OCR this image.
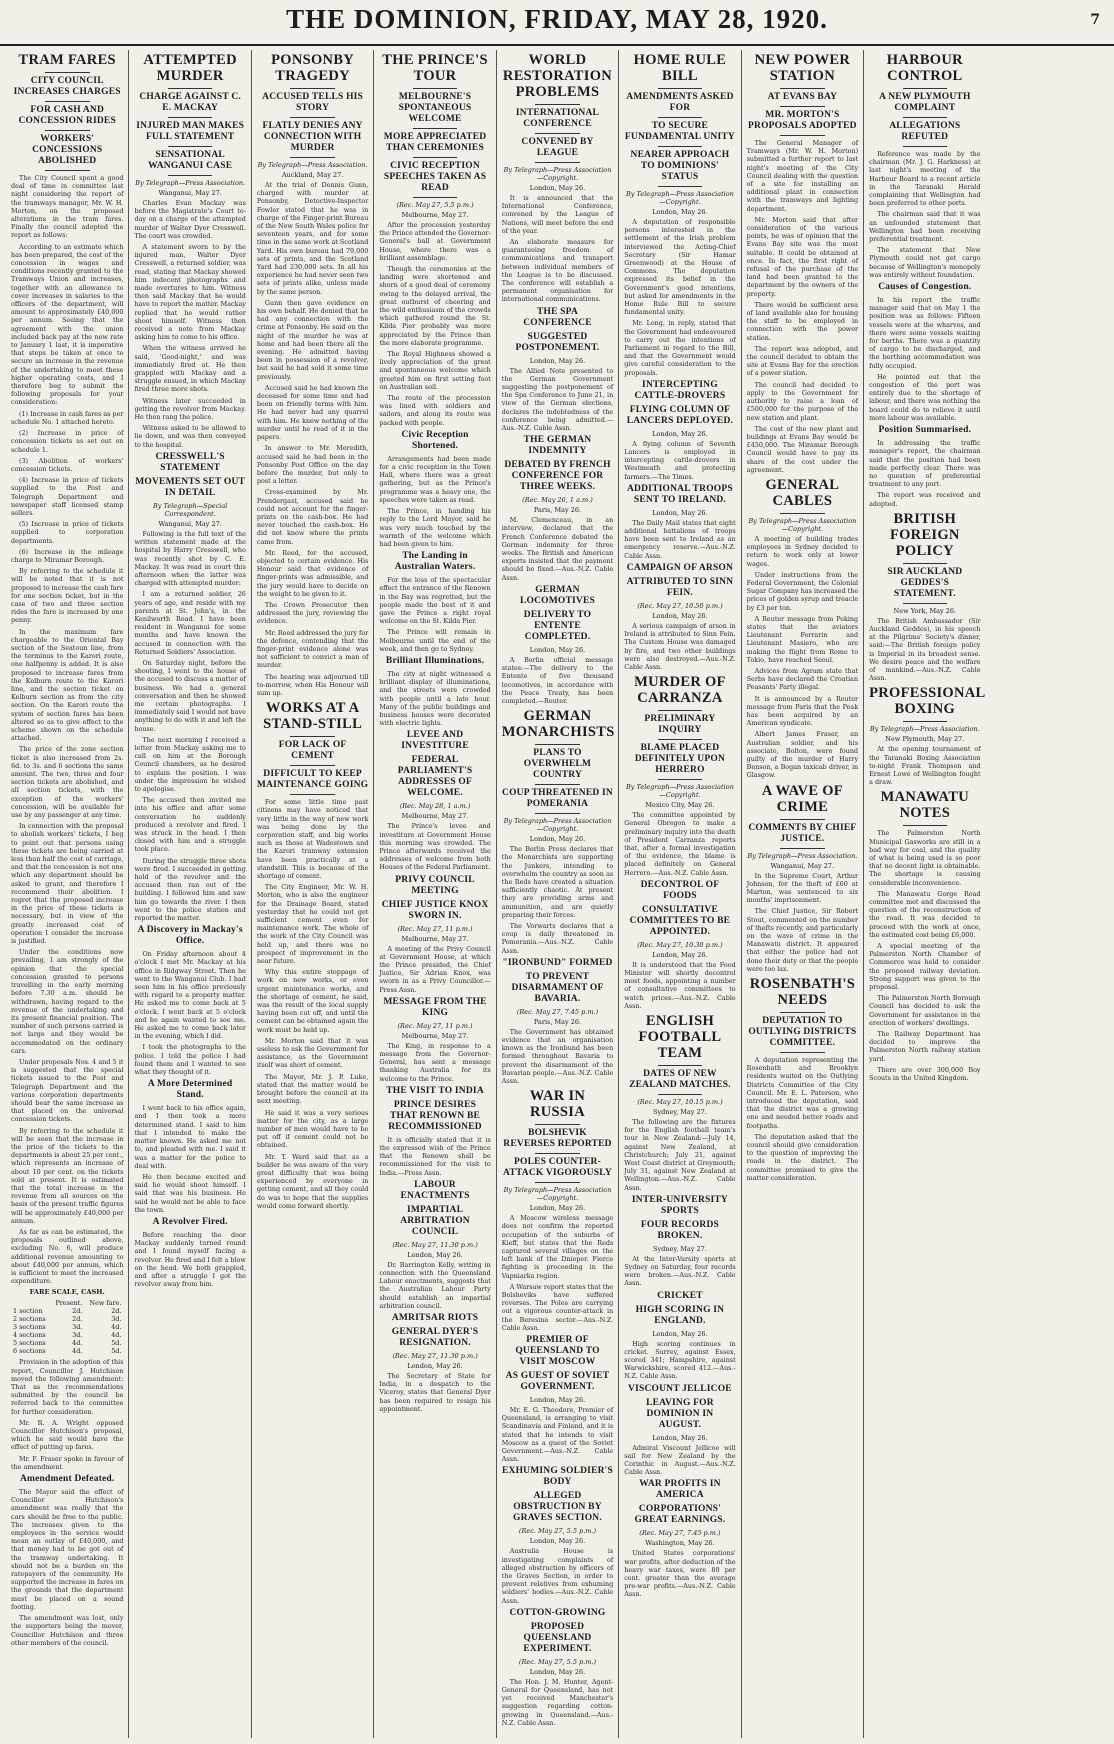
THE DOMINION, FRIDAY, MAY 28, 1920.	7
TRAM FARES
CITY COUNCIL INCREASES CHARGES
FOR CASH AND CONCESSION RIDES
WORKERS' CONCESSIONS ABOLISHED

The City Council spent a good deal of time in committee last night considering the report of the tramways manager, Mr. W. H. Morton, on the proposed alterations in the tram fares. Finally the council adopted the report as follows:

According to an estimate which has been prepared, the cost of the concession in wages and conditions recently granted to the Tramways Union and increases, together with an allowance to cover increases in salaries to the officers of the department, will amount to approximately £40,000 per annum. Seeing that the agreement with the union included back pay at the new rate to January 1 last, it is imperative that steps be taken at once to secure an increase in the revenue of the undertaking to meet these higher operating costs, and I therefore beg to submit the following proposals for your consideration:

(1) Increase in cash fares as per schedule No. 1 attached hereto.

(2) Increase in price of concession tickets as set out on schedule 1.

(3) Abolition of workers' concession tickets.

(4) Increase in price of tickets supplied to the Post and Telegraph Department and newspaper staff licensed stamp sellers.

(5) Increase in price of tickets supplied to corporation departments.

(6) Increase in the mileage charge to Miramar Borough.

By referring to the schedule it will be noted that it is not proposed to increase the cash fare for one section ticket, but in the case of two and three section rides the fare is increased by one penny.

In the maximum fare chargeable to the Oriental Bay section of the Seatoun line, from the terminus to the Karori route, one halfpenny is added. It is also proposed to increase fares from the Kelburn route to the Karori line, and the section ticket on Kelburn section as from the city section. On the Karori route the system of section fares has been altered so as to give effect to the scheme shown on the schedule attached.

The price of the zone section ticket is also increased from 2s. 6d. to 3s. and 6 sections the same amount. The two, three and four section tickets are abolished, and all section tickets, with the exception of the workers' concession, will be available for use by any passenger at any time.

In connection with the proposal to abolish workers' tickets, I beg to point out that persons using these tickets are being carried at less than half the cost of carriage, and that the concession is not one which any department should be asked to grant, and therefore I recommend their abolition. I regret that the proposed increase in the price of these tickets is necessary, but in view of the greatly increased cost of operation I consider the increase is justified.

Under the conditions now prevailing, I am strongly of the opinion that the special concession granted to persons travelling in the early morning before 7.30 a.m. should be withdrawn, having regard to the revenue of the undertaking and its present financial position. The number of such persons carried is not large and they would be accommodated on the ordinary cars.

Under proposals Nos. 4 and 5 it is suggested that the special tickets issued to the Post and Telegraph Department and the various corporation departments should bear the same increase as that placed on the universal concession tickets.

By referring to the schedule it will be seen that the increase in the price of the tickets to the departments is about 25 per cent., which represents an increase of about 10 per cent. on the tickets sold at present. It is estimated that the total increase in the revenue from all sources on the basis of the present traffic figures will be approximately £40,000 per annum.

As far as can be estimated, the proposals outlined above, excluding No. 6, will produce additional revenue amounting to about £40,000 per annum, which is sufficient to meet the increased expenditure.

FARE SCALE, CASH.
	Present.	New fare.
1 section	2d.	2d.
2 sections	2d.	3d.
3 sections	3d.	4d.
4 sections	3d.	4d.
5 sections	4d.	5d.
6 sections	4d.	5d.

Provision in the adoption of this report, Councillor J. Hutchison moved the following amendment: That as the recommendations submitted by the council be referred back to the committee for further consideration.

Mr. R. A. Wright opposed Councillor Hutchison's proposal, which he said would have the effect of putting up fares.

Mr. F. Fraser spoke in favour of the amendment.

Amendment Defeated.

The Mayor said the effect of Councillor Hutchison's amendment was really that the cars should be free to the public. The increases given to the employees in the service would mean an outlay of £40,000, and that money had to be got out of the tramway undertaking. It should not be a burden on the ratepayers of the community. He supported the increase in fares on the grounds that the department must be placed on a sound footing.

The amendment was lost, only the supporters being the mover, Councillor Hutchison and three other members of the council.

ATTEMPTED MURDER
CHARGE AGAINST C. E. MACKAY
INJURED MAN MAKES FULL STATEMENT
SENSATIONAL WANGANUI CASE
By Telegraph—Press Association.
Wanganui, May 27.

Charles Evan Mackay was before the Magistrate's Court to-day on a charge of the attempted murder of Walter Dyer Cresswell. The court was crowded.

A statement sworn to by the injured man, Walter Dyer Cresswell, a returned soldier, was read, stating that Mackay showed him indecent photographs and made overtures to him. Witness then said Mackay that he would have to report the matter. Mackay replied that he would rather shoot himself. Witness then received a note from Mackay asking him to come to his office.

When the witness arrived he said, 'Good-night,' and was immediately fired at. He then grappled with Mackay and a struggle ensued, in which Mackay fired three more shots.

Witness later succeeded in getting the revolver from Mackay. He then rang the police.

Witness asked to be allowed to lie down, and was then conveyed to the hospital.

CRESSWELL'S STATEMENT
MOVEMENTS SET OUT IN DETAIL
By Telegraph—Special Correspondent.
Wanganui, May 27.

Following is the full text of the written statement made at the hospital by Harry Cresswell, who was recently shot by C. E. Mackay. It was read in court this afternoon when the latter was charged with attempted murder:

I am a returned soldier, 26 years of age, and reside with my parents at St. John's, in the Kenilworth Road. I have been resident in Wanganui for some months and have known the accused in connection with the Returned Soldiers' Association.

On Saturday night, before the shooting, I went to the house of the accused to discuss a matter of business. We had a general conversation and then he showed me certain photographs. I immediately said I would not have anything to do with it and left the house.

The next morning I received a letter from Mackay asking me to call on him at the Borough Council chambers, as he desired to explain the position. I was under the impression he wished to apologise.

The accused then invited me into his office and after some conversation he suddenly produced a revolver and fired. I was struck in the head. I then closed with him and a struggle took place.

During the struggle three shots were fired. I succeeded in getting hold of the revolver and the accused then ran out of the building. I followed him and saw him go towards the river. I then went to the police station and reported the matter.

A Discovery in Mackay's Office.

On Friday afternoon about 4 o'clock I met Mr. Mackay at his office in Ridgway Street. Then he went to the Wanganui Club. I had seen him in his office previously with regard to a property matter. He asked me to come back at 5 o'clock. I went back at 5 o'clock and he again wanted to see me. He asked me to come back later in the evening, which I did.

I took the photographs to the police. I told the police I had found them and I wanted to see what they thought of it.

A More Determined Stand.

I went back to his office again, and I then took a more determined stand. I said to him that I intended to make the matter known. He asked me not to, and pleaded with me. I said it was a matter for the police to deal with.

He then became excited and said he would shoot himself. I said that was his business. He said he would not be able to face the town.

A Revolver Fired.

Before reaching the door Mackay suddenly turned round and I found myself facing a revolver. He fired and I felt a blow on the head. We both grappled, and after a struggle I got the revolver away from him.

PONSONBY TRAGEDY
ACCUSED TELLS HIS STORY
FLATLY DENIES ANY CONNECTION WITH MURDER
By Telegraph—Press Association.
Auckland, May 27.

At the trial of Dennis Gunn, charged with murder at Ponsonby, Detective-Inspector Fowler stated that he was in charge of the Finger-print Bureau of the New South Wales police for seventeen years, and for some time in the same work at Scotland Yard. His own bureau had 79,000 sets of prints, and the Scotland Yard had 230,000 sets. In all his experience he had never seen two sets of prints alike, unless made by the same person.

Gunn then gave evidence on his own behalf. He denied that he had any connection with the crime at Ponsonby. He said on the night of the murder he was at home and had been there all the evening. He admitted having been in possession of a revolver, but said he had sold it some time previously.

Accused said he had known the deceased for some time and had been on friendly terms with him. He had never had any quarrel with him. He knew nothing of the murder until he read of it in the papers.

In answer to Mr. Meredith, accused said he had been in the Ponsonby Post Office on the day before the murder, but only to post a letter.

Cross-examined by Mr. Prendergast, accused said he could not account for the finger-prints on the cash-box. He had never touched the cash-box. He did not know where the prints came from.

Mr. Reed, for the accused, objected to certain evidence. His Honour said that evidence of finger-prints was admissible, and the jury would have to decide on the weight to be given to it.

The Crown Prosecutor then addressed the jury, reviewing the evidence.

Mr. Reed addressed the jury for the defence, contending that the finger-print evidence alone was not sufficient to convict a man of murder.

The hearing was adjourned till to-morrow, when His Honour will sum up.

WORKS AT A STAND-STILL
FOR LACK OF CEMENT
DIFFICULT TO KEEP MAINTENANCE GOING

For some little time past citizens may have noticed that very little in the way of new work was being done by the corporation staff, and big works such as those at Wadestown and the Karori tramway extension have been practically at a standstill. This is because of the shortage of cement.

The City Engineer, Mr. W. H. Morton, who is also the engineer for the Drainage Board, stated yesterday that he could not get sufficient cement even for maintenance work. The whole of the work of the City Council was held up, and there was no prospect of improvement in the near future.

Why this entire stoppage of work on new works, or even urgent maintenance works, and the shortage of cement, he said, was the result of the local supply having been cut off, and until the cement can be obtained again the work must be held up.

Mr. Morton said that it was useless to ask the Government for assistance, as the Government itself was short of cement.

The Mayor, Mr. J. P. Luke, stated that the matter would be brought before the council at its next meeting.

He said it was a very serious matter for the city, as a large number of men would have to be put off if cement could not be obtained.

Mr. T. Ward said that as a builder he was aware of the very great difficulty that was being experienced by everyone in getting cement, and all they could do was to hope that the supplies would come forward shortly.

THE PRINCE'S TOUR
MELBOURNE'S SPONTANEOUS WELCOME
MORE APPRECIATED THAN CEREMONIES
CIVIC RECEPTION SPEECHES TAKEN AS READ
(Rec. May 27, 5.5 p.m.)
Melbourne, May 27.

After the procession yesterday the Prince attended the Governor-General's ball at Government House, where there was a brilliant assemblage.

Though the ceremonies at the landing were shortened and shorn of a good deal of ceremony owing to the delayed arrival, the great outburst of cheering and the wild enthusiasm of the crowds which gathered round the St. Kilda Pier probably was more appreciated by the Prince than the more elaborate programme.

The Royal Highness showed a lively appreciation of the great and spontaneous welcome which greeted him on first setting foot on Australian soil.

The route of the procession was lined with soldiers and sailors, and along its route was packed with people.

Civic Reception Shortened.

Arrangements had been made for a civic reception in the Town Hall, where there was a great gathering, but as the Prince's programme was a heavy one, the speeches were taken as read.

The Prince, in handing his reply to the Lord Mayor, said he was very much touched by the warmth of the welcome which had been given to him.

The Landing in Australian Waters.

For the loss of the spectacular effect the entrance of the Renown in the Bay was regretted, but the people made the best of it and gave the Prince a right royal welcome on the St. Kilda Pier.

The Prince will remain in Melbourne until the end of the week, and then go to Sydney.

Brilliant Illuminations.

The city at night witnessed a brilliant display of illuminations, and the streets were crowded with people until a late hour. Many of the public buildings and business houses were decorated with electric lights.

LEVEE AND INVESTITURE
FEDERAL PARLIAMENT'S ADDRESSES OF WELCOME.
(Rec. May 28, 1 a.m.)
Melbourne, May 27.

The Prince's levee and investiture at Government House this morning was crowded. The Prince afterwards received the addresses of welcome from both Houses of the Federal Parliament.

PRIVY COUNCIL MEETING
CHIEF JUSTICE KNOX SWORN IN.
(Rec. May 27, 11 p.m.)
Melbourne, May 27.

A meeting of the Privy Council at Government House, at which the Prince presided, the Chief Justice, Sir Adrian Knox, was sworn in as a Privy Councillor.—Press Assn.

MESSAGE FROM THE KING
(Rec. May 27, 11 p.m.)
Melbourne, May 27.

The King, in response to a message from the Governor-General, has sent a message thanking Australia for its welcome to the Prince.

THE VISIT TO INDIA
PRINCE DESIRES THAT RENOWN BE RECOMMISSIONED

It is officially stated that it is the expressed wish of the Prince that the Renown shall be recommissioned for the visit to India.—Press Assn.

LABOUR ENACTMENTS
IMPARTIAL ARBITRATION COUNCIL
(Rec. May 27, 11.30 p.m.)
London, May 26.

Dr. Barrington Kelly, writing in connection with the Queensland Labour enactments, suggests that the Australian Labour Party should establish an impartial arbitration council.

AMRITSAR RIOTS
GENERAL DYER'S RESIGNATION.
(Rec. May 27, 11.30 p.m.)
London, May 26.

The Secretary of State for India, in a despatch to the Viceroy, states that General Dyer has been required to resign his appointment.

WORLD RESTORATION PROBLEMS
INTERNATIONAL CONFERENCE
CONVENED BY LEAGUE
By Telegraph—Press Association—Copyright.
London, May 26.

It is announced that the International Conference, convened by the League of Nations, will meet before the end of the year.

An elaborate measure for guaranteeing freedom of communications and transport between individual members of the League is to be discussed. The conference will establish a permanent organisation for international communications.

THE SPA CONFERENCE
SUGGESTED POSTPONEMENT.
London, May 26.

The Allied Note presented to the German Government suggesting the postponement of the Spa Conference to June 21, in view of the German elections, declares the indebtedness of the conference being admitted.—Aus.-N.Z. Cable Assn.

THE GERMAN INDEMNITY
DEBATED BY FRENCH CONFERENCE FOR THREE WEEKS.
(Rec. May 26, 1 a.m.)
Paris, May 26.

M. Clemenceau, in an interview, declared that the French Conference debated the German indemnity for three weeks. The British and American experts insisted that the payment should be fixed.—Aus.-N.Z. Cable Assn.

GERMAN LOCOMOTIVES
DELIVERY TO ENTENTE COMPLETED.
London, May 26.

A Berlin official message states:—The delivery to the Entente of five thousand locomotives, in accordance with the Peace Treaty, has been completed.—Reuter.

GERMAN MONARCHISTS
PLANS TO OVERWHELM COUNTRY
COUP THREATENED IN POMERANIA
By Telegraph—Press Association—Copyright.
London, May 26.

The Berlin Press declares that the Monarchists are supporting the Junkers, intending to overwhelm the country as soon as the Reds have created a situation sufficiently chaotic. At present they are providing arms and ammunition, and are quietly preparing their forces.

The Vorwarts declares that a coup is daily threatened in Pomerania.—Aus.-N.Z. Cable Assn.

"IRONBUND" FORMED
TO PREVENT DISARMAMENT OF BAVARIA.
(Rec. May 27, 7.45 p.m.)
Paris, May 26.

The Government has obtained evidence that an organisation known as the Ironbund has been formed throughout Bavaria to prevent the disarmament of the Bavarian people.—Aus.-N.Z. Cable Assn.

WAR IN RUSSIA
BOLSHEVIK REVERSES REPORTED
POLES COUNTER-ATTACK VIGOROUSLY
By Telegraph—Press Association—Copyright.
London, May 26.

A Moscow wireless message does not confirm the reported occupation of the suburbs of Kieff, but states that the Reds captured several villages on the left bank of the Dnieper. Fierce fighting is proceeding in the Vapniarka region.

A Warsaw report states that the Bolsheviks have suffered reverses. The Poles are carrying out a vigorous counter-attack in the Beresina sector.—Aus.-N.Z. Cable Assn.

PREMIER OF QUEENSLAND TO VISIT MOSCOW
AS GUEST OF SOVIET GOVERNMENT.
London, May 26.

Mr. E. G. Theodore, Premier of Queensland, is arranging to visit Scandinavia and Finland, and it is stated that he intends to visit Moscow as a guest of the Soviet Government.—Aus.-N.Z. Cable Assn.

EXHUMING SOLDIER'S BODY
ALLEGED OBSTRUCTION BY GRAVES SECTION.
(Rec. May 27, 5.5 p.m.)
London, May 26.

Australia House is investigating complaints of alleged obstruction by officers of the Graves Section, in order to prevent relatives from exhuming soldiers' bodies.—Aus.-N.Z. Cable Assn.

COTTON-GROWING
PROPOSED QUEENSLAND EXPERIMENT.
(Rec. May 27, 5.5 p.m.)
London, May 26.

The Hon. J. M. Hunter, Agent-General for Queensland, has not yet received Manchester's suggestion regarding cotton-growing in Queensland.—Aus.-N.Z. Cable Assn.

HOME RULE BILL
AMENDMENTS ASKED FOR
TO SECURE FUNDAMENTAL UNITY
NEARER APPROACH TO DOMINIONS' STATUS
By Telegraph—Press Association—Copyright.
London, May 26.

A deputation of responsible persons interested in the settlement of the Irish problem interviewed the Acting-Chief Secretary (Sir Hamar Greenwood) at the House of Commons. The deputation expressed its belief in the Government's good intentions, but asked for amendments in the Home Rule Bill to secure fundamental unity.

Mr. Long, in reply, stated that the Government had endeavoured to carry out the intentions of Parliament in regard to the Bill, and that the Government would give careful consideration to the proposals.

INTERCEPTING CATTLE-DROVERS
FLYING COLUMN OF LANCERS DEPLOYED.
London, May 26.

A flying column of Seventh Lancers is employed in intercepting cattle-drovers in Westmeath and protecting farmers.—The Times.

ADDITIONAL TROOPS SENT TO IRELAND.
London, May 26.

The Daily Mail states that eight additional battalions of troops have been sent to Ireland as an emergency reserve.—Aus.-N.Z. Cable Assn.

CAMPAIGN OF ARSON
ATTRIBUTED TO SINN FEIN.
(Rec. May 27, 10.50 p.m.)
London, May 26.

A serious campaign of arson in Ireland is attributed to Sinn Fein. The Custom House was damaged by fire, and two other buildings were also destroyed.—Aus.-N.Z. Cable Assn.

MURDER OF CARRANZA
PRELIMINARY INQUIRY
BLAME PLACED DEFINITELY UPON HERRERO
By Telegraph—Press Association—Copyright.
Mexico City, May 26.

The committee appointed by General Obregon to make a preliminary inquiry into the death of President Carranza reports that, after a formal investigation of the evidence, the blame is placed definitely on General Herrero.—Aus.-N.Z. Cable Assn.

DECONTROL OF FOODS
CONSULTATIVE COMMITTEES TO BE APPOINTED.
(Rec. May 27, 10.30 p.m.)
London, May 26.

It is understood that the Food Minister will shortly decontrol most foods, appointing a number of consultative committees to watch prices.—Aus.-N.Z. Cable Assn.

ENGLISH FOOTBALL TEAM
DATES OF NEW ZEALAND MATCHES.
(Rec. May 27, 10.15 p.m.)
Sydney, May 27.

The following are the fixtures for the English football team's tour in New Zealand:—July 14, against New Zealand, at Christchurch; July 21, against West Coast district at Greymouth; July 31, against New Zealand at Wellington.—Aus.-N.Z. Cable Assn.

INTER-UNIVERSITY SPORTS
FOUR RECORDS BROKEN.
Sydney, May 27.

At the Inter-Varsity sports at Sydney on Saturday, four records were broken.—Aus.-N.Z. Cable Assn.

CRICKET
HIGH SCORING IN ENGLAND.
London, May 26.

High scoring continues in cricket. Surrey, against Essex, scored 341; Hampshire, against Warwickshire, scored 412.—Aus.-N.Z. Cable Assn.

VISCOUNT JELLICOE
LEAVING FOR DOMINION IN AUGUST.
London, May 26.

Admiral Viscount Jellicoe will sail for New Zealand by the Corinthic in August.—Aus.-N.Z. Cable Assn.

WAR PROFITS IN AMERICA
CORPORATIONS' GREAT EARNINGS.
(Rec. May 27, 7.45 p.m.)
Washington, May 26.

United States corporations' war profits, after deduction of the heavy war taxes, were 80 per cent. greater than the average pre-war profits.—Aus.-N.Z. Cable Assn.

NEW POWER STATION
AT EVANS BAY
MR. MORTON'S PROPOSALS ADOPTED

The General Manager of Tramways (Mr. W. H. Morton) submitted a further report to last night's meeting of the City Council dealing with the question of a site for installing an additional plant in connection with the tramways and lighting department.

Mr. Morton said that after consideration of the various points, he was of opinion that the Evans Bay site was the most suitable. It could be obtained at once. In fact, the first right of refusal of the purchase of the land had been granted to the department by the owners of the property.

There would be sufficient area of land available also for housing the staff to be employed in connection with the power station.

The report was adopted, and the council decided to obtain the site at Evans Bay for the erection of a power station.

The council had decided to apply to the Government for authority to raise a loan of £500,000 for the purpose of the new station and plant.

The cost of the new plant and buildings at Evans Bay would be £450,000. The Miramar Borough Council would have to pay its share of the cost under the agreement.

GENERAL CABLES
By Telegraph—Press Association—Copyright.

A meeting of building trades employees in Sydney decided to return to work only at lower wages.

Under instructions from the Federal Government, the Colonial Sugar Company has increased the prices of golden syrup and treacle by £3 per ton.

A Reuter message from Peking states that the aviators Lieutenant Ferrarin and Lieutenant Masiero, who are making the flight from Rome to Tokio, have reached Seoul.

Advices from Agram state that Serbs have declared the Croatian Peasants' Party illegal.

It is announced by a Reuter message from Paris that the Peak has been acquired by an American syndicate.

Albert James Fraser, an Australian soldier, and his associate, Bolton, were found guilty of the murder of Harry Benson, a Bogan taxicab driver, in Glasgow.

A WAVE OF CRIME
COMMENTS BY CHIEF JUSTICE.
By Telegraph—Press Association.
Wanganui, May 27.

In the Supreme Court, Arthur Johnson, for the theft of £60 at Marton, was sentenced to six months' imprisonment.

The Chief Justice, Sir Robert Stout, commented on the number of thefts recently, and particularly on the wave of crime in the Manawatu district. It appeared that either the police had not done their duty or that the people were too lax.

ROSENBATH'S NEEDS
DEPUTATION TO OUTLYING DISTRICTS COMMITTEE.

A deputation representing the Rosenbath and Brooklyn residents waited on the Outlying Districts Committee of the City Council. Mr. E. L. Paterson, who introduced the deputation, said that the district was a growing one and needed better roads and footpaths.

The deputation asked that the council should give consideration to the question of improving the roads in the district. The committee promised to give the matter consideration.

HARBOUR CONTROL
A NEW PLYMOUTH COMPLAINT
ALLEGATIONS REFUTED

Reference was made by the chairman (Mr. J. G. Harkness) at last night's meeting of the Harbour Board to a recent article in the Taranaki Herald complaining that Wellington had been preferred to other ports.

The chairman said that it was an unfounded statement that Wellington had been receiving preferential treatment.

The statement that New Plymouth could not get cargo because of Wellington's monopoly was entirely without foundation.

Causes of Congestion.

In his report the traffic manager said that on May 1 the position was as follows: Fifteen vessels were at the wharves, and there were some vessels waiting for berths. There was a quantity of cargo to be discharged, and the berthing accommodation was fully occupied.

He pointed out that the congestion of the port was entirely due to the shortage of labour, and there was nothing the board could do to relieve it until more labour was available.

Position Summarised.

In addressing the traffic manager's report, the chairman said that the position had been made perfectly clear. There was no question of preferential treatment to any port.

The report was received and adopted.

BRITISH FOREIGN POLICY
SIR AUCKLAND GEDDES'S STATEMENT.
New York, May 26.

The British Ambassador (Sir Auckland Geddes), in his speech at the Pilgrims' Society's dinner, said:—The British foreign policy is Imperial in its broadest sense. We desire peace and the welfare of mankind.—Aus.-N.Z. Cable Assn.

PROFESSIONAL BOXING
By Telegraph—Press Association.
New Plymouth, May 27.

At the opening tournament of the Taranaki Boxing Association to-night Frank Thompson and Ernest Lowe of Wellington fought a draw.

MANAWATU NOTES

The Palmerston North Municipal Gasworks are still in a bad way for coal, and the quality of what is being used is so poor that no decent light is obtainable. The shortage is causing considerable inconvenience.

The Manawatu Gorge Road committee met and discussed the question of the reconstruction of the road. It was decided to proceed with the work at once, the estimated cost being £6,000.

A special meeting of the Palmerston North Chamber of Commerce was held to consider the proposed railway deviation. Strong support was given to the proposal.

The Palmerston North Borough Council has decided to ask the Government for assistance in the erection of workers' dwellings.

The Railway Department has decided to improve the Palmerston North railway station yard.

There are over 300,000 Boy Scouts in the United Kingdom.
